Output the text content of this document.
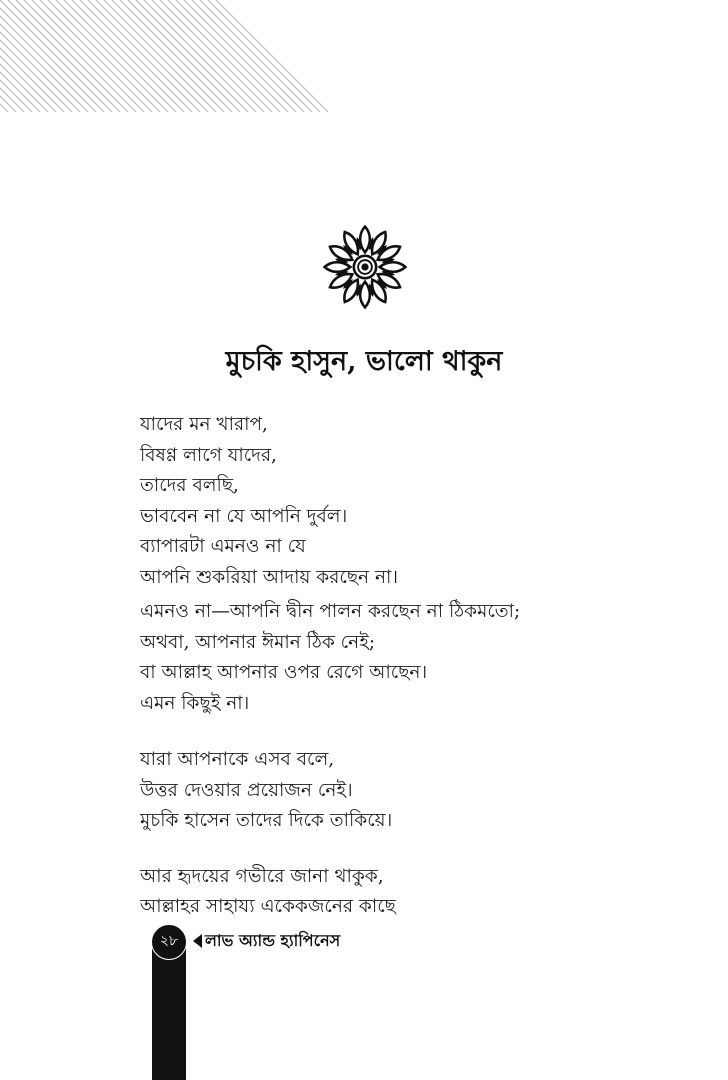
মুচকি হাসুন, ভালো থাকুন

যাদের মন খারাপ,
বিষণ্ণ লাগে যাদের,
তাদের বলছি,
ভাববেন না যে আপনি দুর্বল।
ব্যাপারটা এমনও না যে
আপনি শুকরিয়া আদায় করছেন না।

এমনও না—আপনি দ্বীন পালন করছেন না ঠিকমতো;
অথবা, আপনার ঈমান ঠিক নেই;
বা আল্লাহ আপনার ওপর রেগে আছেন।
এমন কিছুই না।

যারা আপনাকে এসব বলে,
উত্তর দেওয়ার প্রয়োজন নেই।
মুচকি হাসেন তাদের দিকে তাকিয়ে।

আর হৃদয়ের গভীরে জানা থাকুক,
আল্লাহর সাহায্য একেকজনের কাছে

২৮	লাভ অ্যান্ড হ্যাপিনেস
